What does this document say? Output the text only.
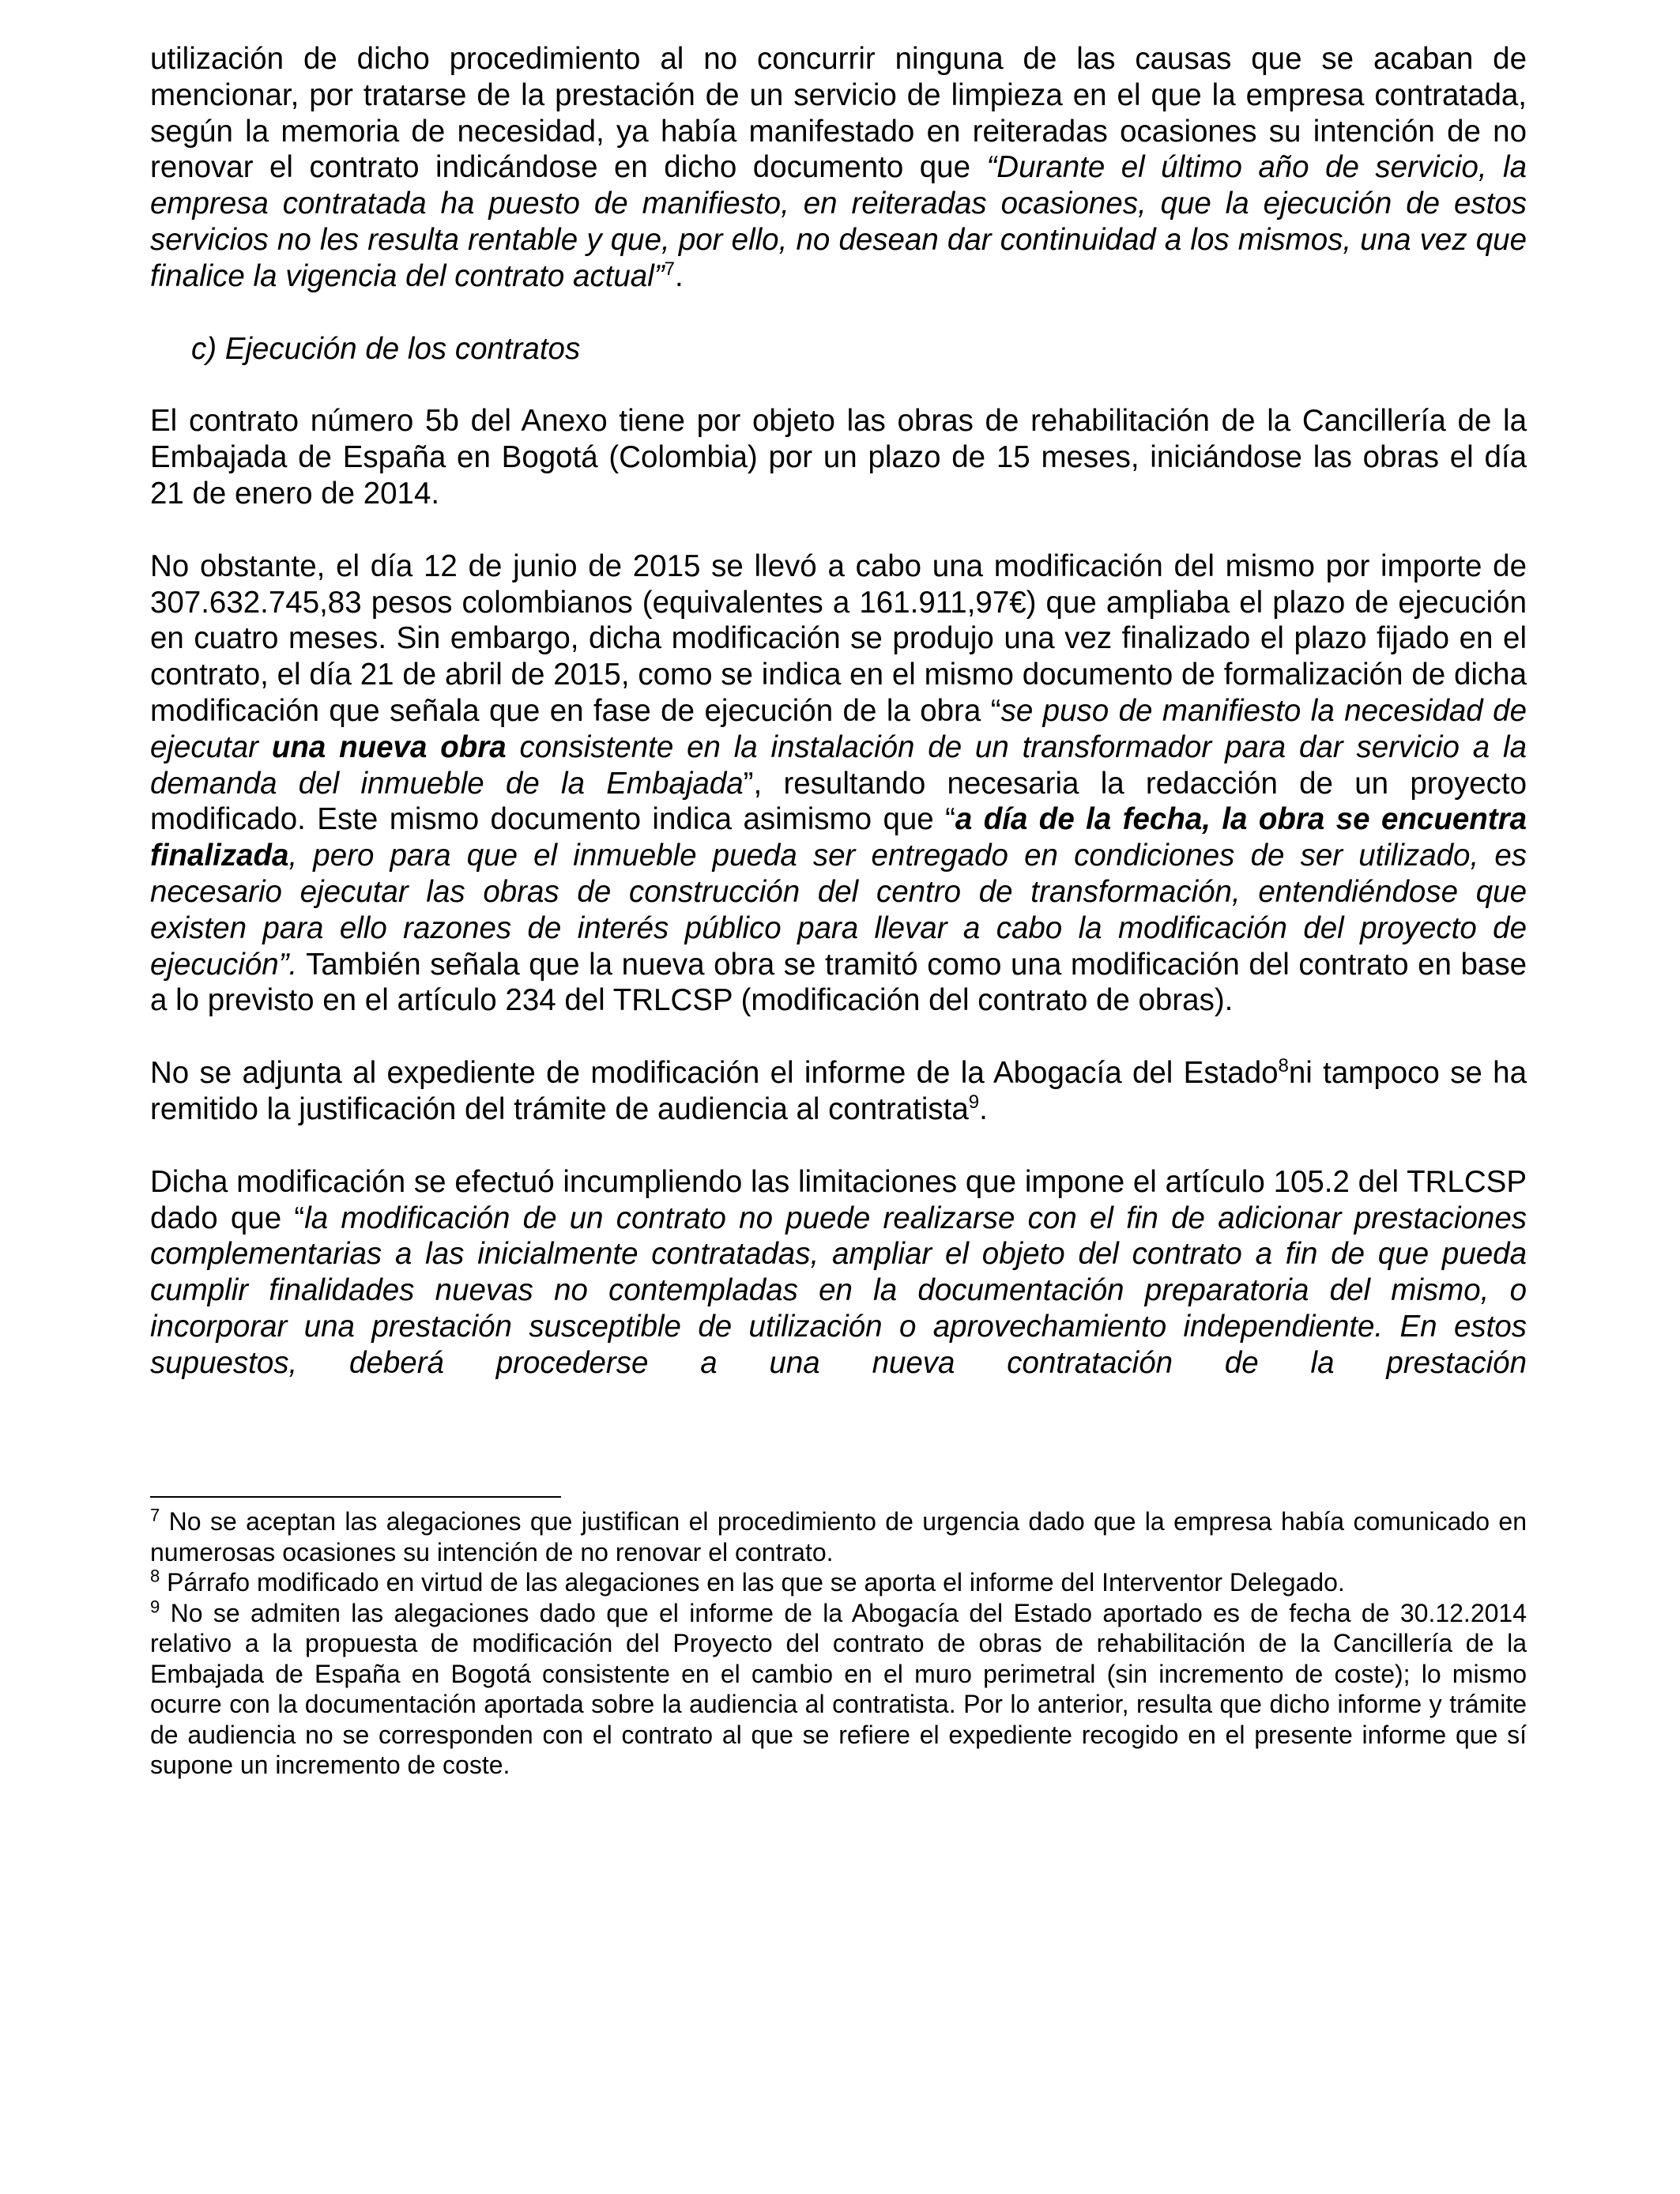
utilización de dicho procedimiento al no concurrir ninguna de las causas que se acaban de mencionar, por tratarse de la prestación de un servicio de limpieza en el que la empresa contratada, según la memoria de necesidad, ya había manifestado en reiteradas ocasiones su intención de no renovar el contrato indicándose en dicho documento que “Durante el último año de servicio, la empresa contratada ha puesto de manifiesto, en reiteradas ocasiones, que la ejecución de estos servicios no les resulta rentable y que, por ello, no desean dar continuidad a los mismos, una vez que finalice la vigencia del contrato actual”$^7$.

c) Ejecución de los contratos

El contrato número 5b del Anexo tiene por objeto las obras de rehabilitación de la Cancillería de la Embajada de España en Bogotá (Colombia) por un plazo de 15 meses, iniciándose las obras el día 21 de enero de 2014.

No obstante, el día 12 de junio de 2015 se llevó a cabo una modificación del mismo por importe de 307.632.745,83 pesos colombianos (equivalentes a 161.911,97€) que ampliaba el plazo de ejecución en cuatro meses. Sin embargo, dicha modificación se produjo una vez finalizado el plazo fijado en el contrato, el día 21 de abril de 2015, como se indica en el mismo documento de formalización de dicha modificación que señala que en fase de ejecución de la obra “se puso de manifiesto la necesidad de ejecutar una nueva obra consistente en la instalación de un transformador para dar servicio a la demanda del inmueble de la Embajada”, resultando necesaria la redacción de un proyecto modificado. Este mismo documento indica asimismo que “a día de la fecha, la obra se encuentra finalizada, pero para que el inmueble pueda ser entregado en condiciones de ser utilizado, es necesario ejecutar las obras de construcción del centro de transformación, entendiéndose que existen para ello razones de interés público para llevar a cabo la modificación del proyecto de ejecución”. También señala que la nueva obra se tramitó como una modificación del contrato en base a lo previsto en el artículo 234 del TRLCSP (modificación del contrato de obras).

No se adjunta al expediente de modificación el informe de la Abogacía del Estado$^8$ni tampoco se ha remitido la justificación del trámite de audiencia al contratista$^9$.

Dicha modificación se efectuó incumpliendo las limitaciones que impone el artículo 105.2 del TRLCSP dado que “la modificación de un contrato no puede realizarse con el fin de adicionar prestaciones complementarias a las inicialmente contratadas, ampliar el objeto del contrato a fin de que pueda cumplir finalidades nuevas no contempladas en la documentación preparatoria del mismo, o incorporar una prestación susceptible de utilización o aprovechamiento independiente. En estos supuestos, deberá procederse a una nueva contratación de la prestación

$^7$ No se aceptan las alegaciones que justifican el procedimiento de urgencia dado que la empresa había comunicado en numerosas ocasiones su intención de no renovar el contrato.

$^8$ Párrafo modificado en virtud de las alegaciones en las que se aporta el informe del Interventor Delegado.

$^9$ No se admiten las alegaciones dado que el informe de la Abogacía del Estado aportado es de fecha de 30.12.2014 relativo a la propuesta de modificación del Proyecto del contrato de obras de rehabilitación de la Cancillería de la Embajada de España en Bogotá consistente en el cambio en el muro perimetral (sin incremento de coste); lo mismo ocurre con la documentación aportada sobre la audiencia al contratista. Por lo anterior, resulta que dicho informe y trámite de audiencia no se corresponden con el contrato al que se refiere el expediente recogido en el presente informe que sí supone un incremento de coste.
